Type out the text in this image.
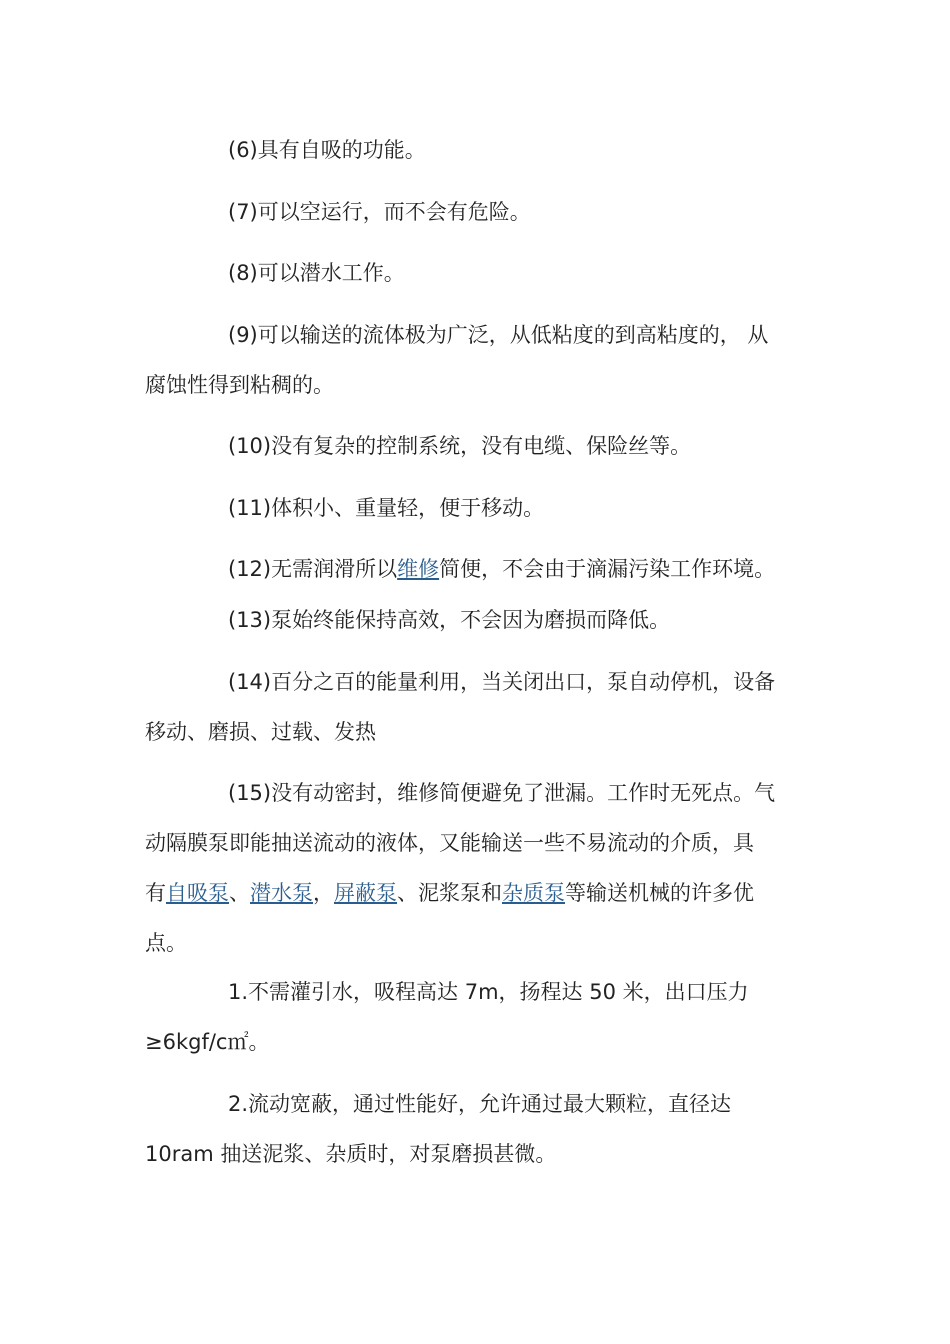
(6)具有自吸的功能。
(7)可以空运行，而不会有危险。
(8)可以潜水工作。
(9)可以输送的流体极为广泛，从低粘度的到高粘度的， 从
腐蚀性得到粘稠的。
(10)没有复杂的控制系统，没有电缆、保险丝等。
(11)体积小、重量轻，便于移动。
(12)无需润滑所以维修简便，不会由于滴漏污染工作环境。
(13)泵始终能保持高效，不会因为磨损而降低。
(14)百分之百的能量利用，当关闭出口，泵自动停机，设备
移动、磨损、过载、发热
(15)没有动密封，维修简便避免了泄漏。工作时无死点。气
动隔膜泵即能抽送流动的液体，又能输送一些不易流动的介质，具
有自吸泵、潜水泵，屏蔽泵、泥浆泵和杂质泵等输送机械的许多优
点。
1.不需灌引水，吸程高达 7m，扬程达 50 米，出口压力
≥6kgf/c㎡。
2.流动宽蔽，通过性能好，允许通过最大颗粒，直径达
10ram 抽送泥浆、杂质时，对泵磨损甚微。
